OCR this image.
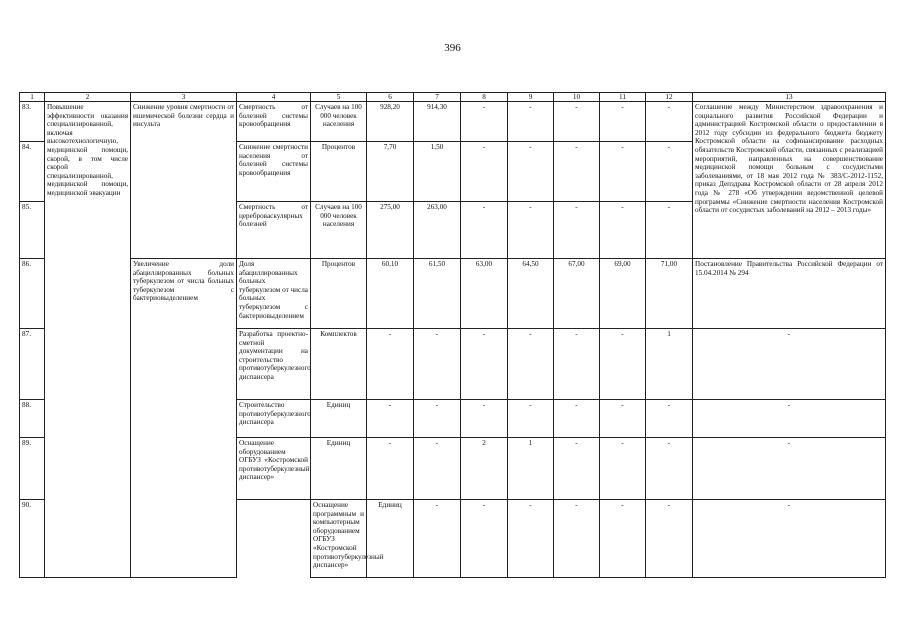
396
1	2	3	4	5	6	7	8	9	10	11	12	13	
83.	Повышение эффективности оказания специализированной, включая высокотехнологичную, медицинской помощи, скорой, в том числе скорой специализированной, медицинской помощи, медицинской эвакуации	Снижение уровня смертности от ишемической болезни сердца и инсульта	Смертность от болезней системы кровообращения	Случаев на 100 000 человек населения	928,20	914,30	-	-	-	-	-	Соглашение между Министерством здравоохранения и социального развития Российской Федерации и администрацией Костромской области о предоставлении в 2012 году субсидии из федерального бюджета бюджету Костромской области на софинансирование расходных обязательств Костромской области, связанных с реализацией мероприятий, направленных на совершенствование медицинской помощи больным с сосудистыми заболеваниями, от 18 мая 2012 года № 383/С-2012-1152, приказ Депздрава Костромской области от 28 апреля 2012 года № 278 «Об утверждении ведомственной целевой программы «Снижение смертности населения Костромской области от сосудистых заболеваний на 2012 – 2013 годы»	
84.			Снижение смертности населения от болезней системы кровообращения	Процентов	7,70	1,50	-	-	-	-	-		
85.			Смертность от цереброваскулярных болезней	Случаев на 100 000 человек населения	275,00	263,00	-	-	-	-	-		
86.		Увеличение доли абациллированных больных туберкулезом от числа больных туберкулезом с бактериовыделением	Доля абациллированных больных туберкулезом от числа больных туберкулезом с бактериовыделением	Процентов	60,10	61,50	63,00	64,50	67,00	69,00	71,00	Постановление Правительства Российской Федерации от 15.04.2014 № 294	
87.			Разработка проектно-сметной документации на строительство противотуберкулезного диспансера	Комплектов	-	-	-	-	-	-	1	-	
88.			Строительство противотуберкулезного диспансера	Единиц	-	-	-	-	-	-	-	-	
89.			Оснащение оборудованием ОГБУЗ «Костромской противотуберкулезный диспансер»	Единиц	-	-	2	1	-	-	-	-	
90.				Оснащение программным и компьютерным оборудованием ОГБУЗ «Костромской противотуберкулезный диспансер»	Единиц	-	-	-	-	-	-	-	
